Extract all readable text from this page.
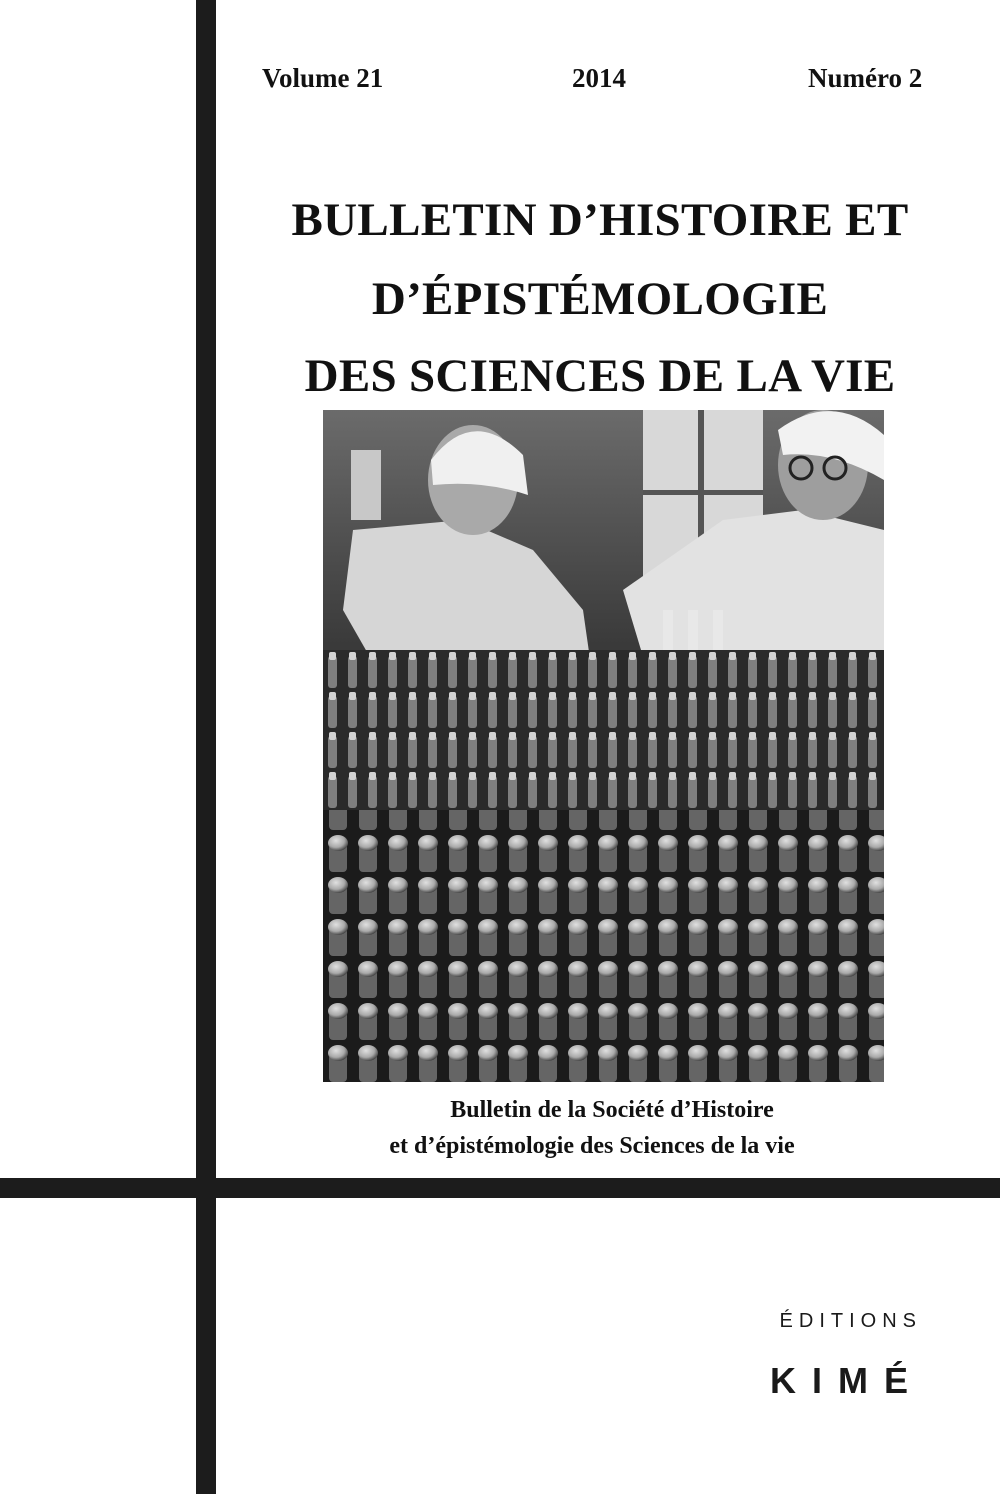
Volume 21	2014	Numéro 2
BULLETIN D’HISTOIRE ET
D’ÉPISTÉMOLOGIE
DES SCIENCES DE LA VIE
Bulletin de la Société d’Histoire
et d’épistémologie des Sciences de la vie
ÉDITIONS
KIMÉ
